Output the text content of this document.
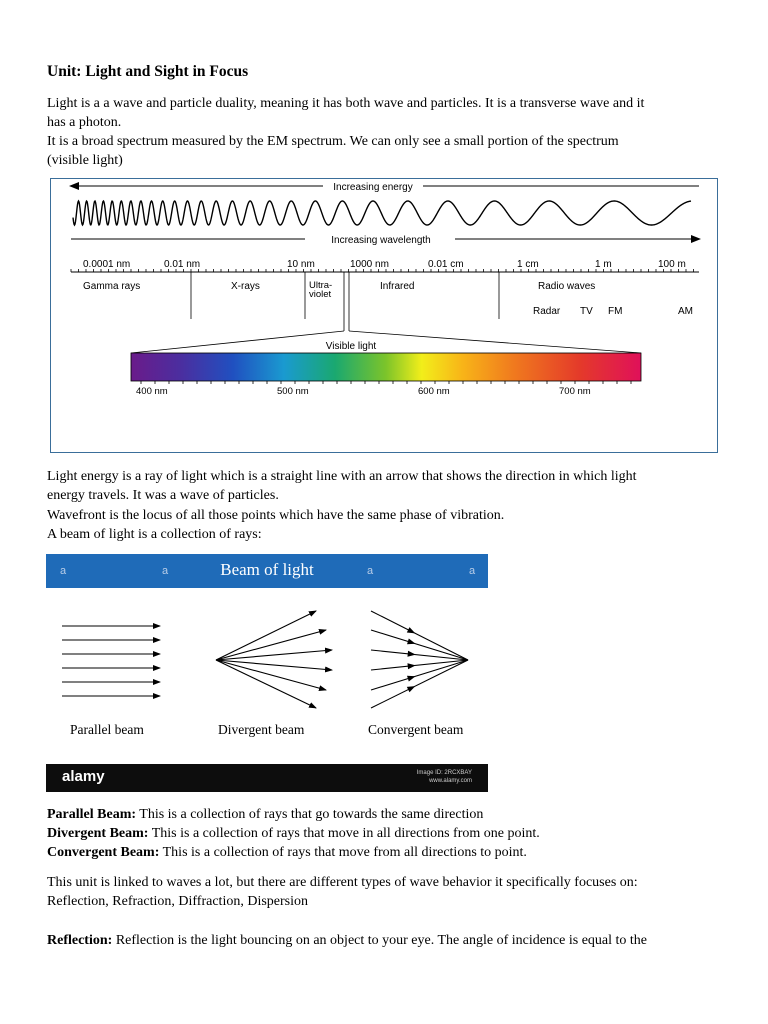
Unit: Light and Sight in Focus
Light is a a wave and particle duality, meaning it has both wave and particles. It is a transverse wave and it
has a photon.
It is a broad spectrum measured by the EM spectrum. We can only see a small portion of the spectrum
(visible light)
Increasing energy
Increasing wavelength
0.0001 nm	0.01 nm	10 nm	1000 nm	0.01 cm	1 cm	1 m	100 m
Gamma rays	X-rays	Ultra-
violet
Infrared	Radio waves
Radar TV FM	AM
Visible light
400 nm	500 nm	600 nm	700 nm
Light energy is a ray of light which is a straight line with an arrow that shows the direction in which light
energy travels. It was a wave of particles.
Wavefront is the locus of all those points which have the same phase of vibration.
A beam of light is a collection of rays:
a	a	a	a
Beam of light
Parallel beam	Divergent beam	Convergent beam
alamy	Image ID: 2RCXBAY
www.alamy.com
Parallel Beam: This is a collection of rays that go towards the same direction
Divergent Beam: This is a collection of rays that move in all directions from one point.
Convergent Beam: This is a collection of rays that move from all directions to point.
This unit is linked to waves a lot, but there are different types of wave behavior it specifically focuses on:
Reflection, Refraction, Diffraction, Dispersion
Reflection: Reflection is the light bouncing on an object to your eye. The angle of incidence is equal to the
